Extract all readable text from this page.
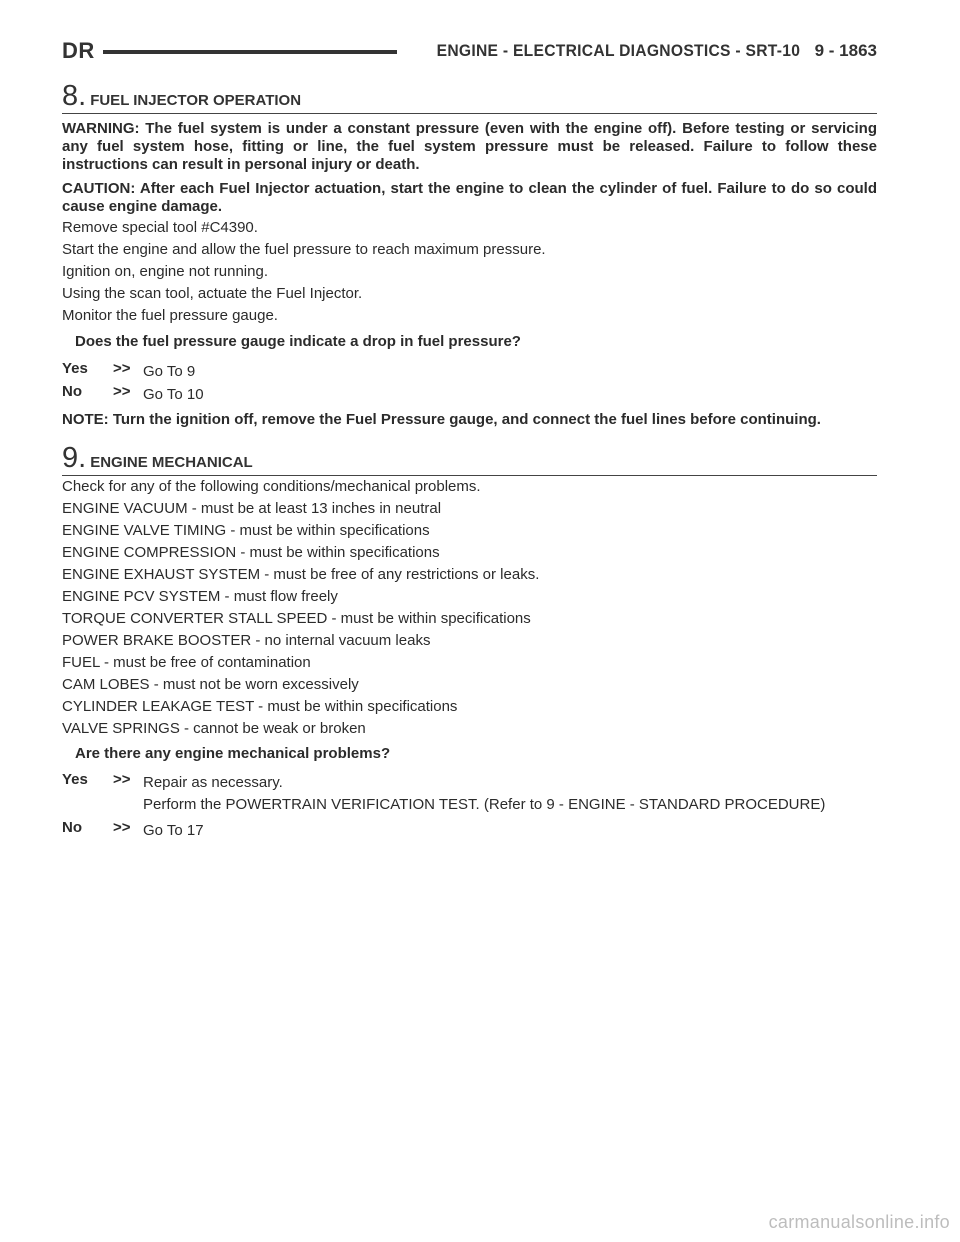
DR	ENGINE - ELECTRICAL DIAGNOSTICS - SRT-10 9 - 1863
8. FUEL INJECTOR OPERATION

WARNING: The fuel system is under a constant pressure (even with the engine off). Before testing or servicing any fuel system hose, fitting or line, the fuel system pressure must be released. Failure to follow these instructions can result in personal injury or death.

CAUTION: After each Fuel Injector actuation, start the engine to clean the cylinder of fuel. Failure to do so could cause engine damage.

Remove special tool #C4390.
Start the engine and allow the fuel pressure to reach maximum pressure.
Ignition on, engine not running.
Using the scan tool, actuate the Fuel Injector.
Monitor the fuel pressure gauge.
Does the fuel pressure gauge indicate a drop in fuel pressure?
Yes >> Go To 9
No >> Go To 10
NOTE: Turn the ignition off, remove the Fuel Pressure gauge, and connect the fuel lines before continuing.
9. ENGINE MECHANICAL
Check for any of the following conditions/mechanical problems.
ENGINE VACUUM - must be at least 13 inches in neutral
ENGINE VALVE TIMING - must be within specifications
ENGINE COMPRESSION - must be within specifications
ENGINE EXHAUST SYSTEM - must be free of any restrictions or leaks.
ENGINE PCV SYSTEM - must flow freely
TORQUE CONVERTER STALL SPEED - must be within specifications
POWER BRAKE BOOSTER - no internal vacuum leaks
FUEL - must be free of contamination
CAM LOBES - must not be worn excessively
CYLINDER LEAKAGE TEST - must be within specifications
VALVE SPRINGS - cannot be weak or broken
Are there any engine mechanical problems?
Yes >> Repair as necessary.
Perform the POWERTRAIN VERIFICATION TEST. (Refer to 9 - ENGINE - STANDARD PROCEDURE)
No >> Go To 17
carmanualsonline.info
